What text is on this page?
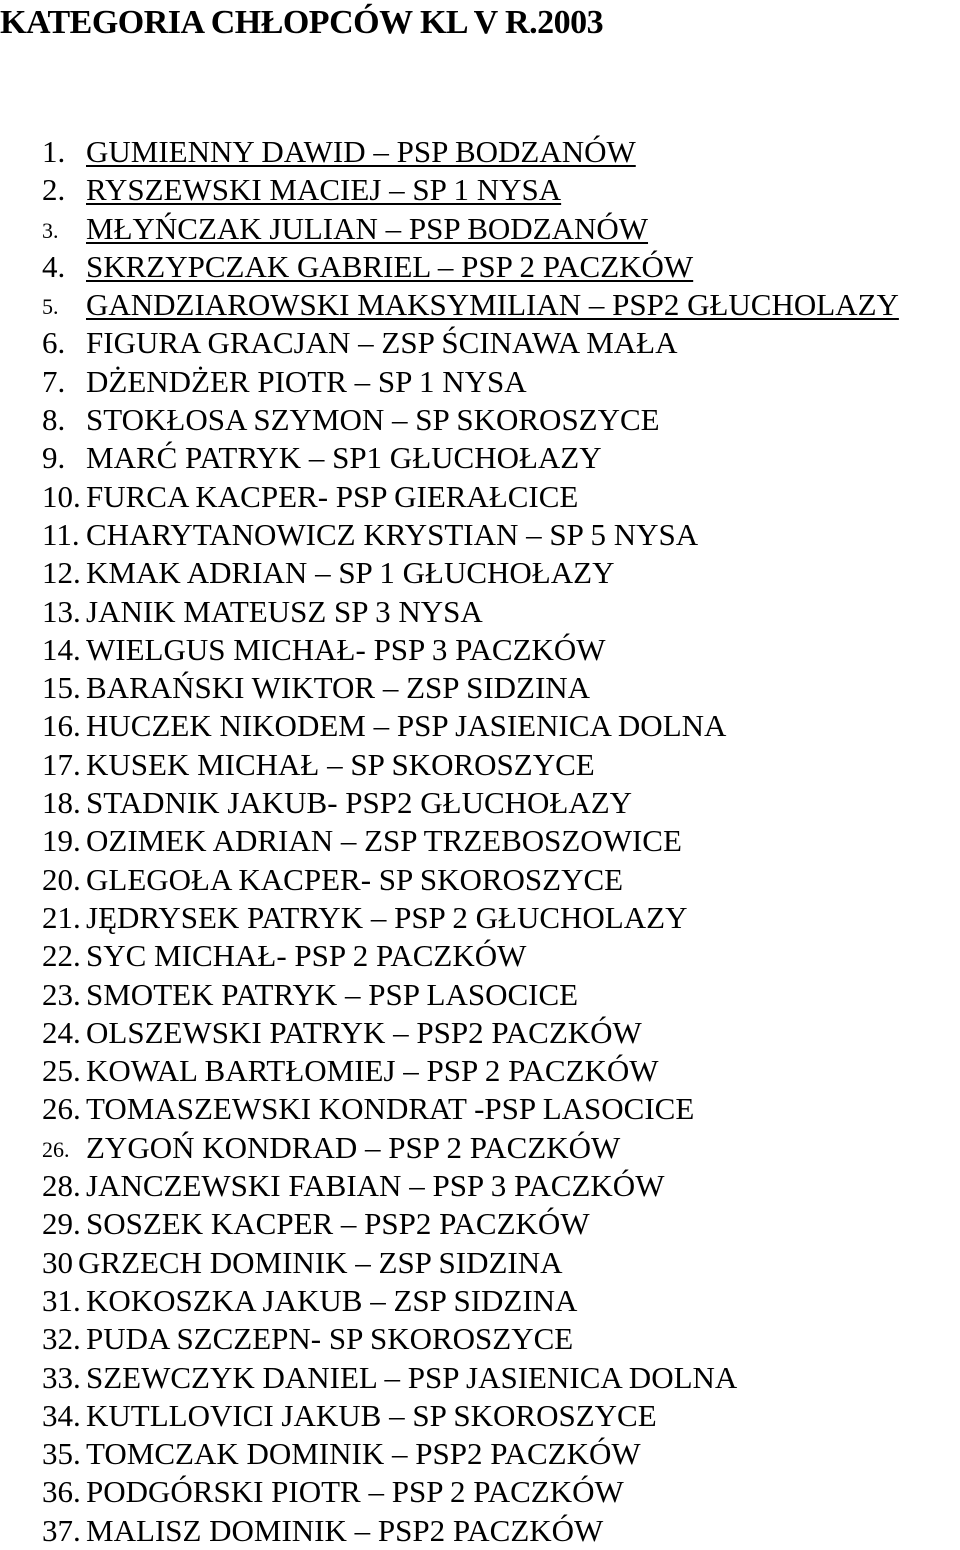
KATEGORIA CHŁOPCÓW KL V R.2003
1. GUMIENNY DAWID – PSP BODZANÓW
2. RYSZEWSKI MACIEJ – SP 1 NYSA
3. MŁYŃCZAK JULIAN – PSP BODZANÓW
4. SKRZYPCZAK GABRIEL – PSP 2 PACZKÓW
5. GANDZIAROWSKI MAKSYMILIAN – PSP2 GŁUCHOLAZY
6. FIGURA GRACJAN – ZSP ŚCINAWA MAŁA
7. DŻENDŻER PIOTR – SP 1 NYSA
8. STOKŁOSA SZYMON – SP SKOROSZYCE
9. MARĆ PATRYK – SP1 GŁUCHOŁAZY
10. FURCA KACPER- PSP GIERAŁCICE
11. CHARYTANOWICZ KRYSTIAN – SP 5 NYSA
12. KMAK ADRIAN – SP 1 GŁUCHOŁAZY
13. JANIK MATEUSZ SP 3 NYSA
14. WIELGUS MICHAŁ- PSP 3 PACZKÓW
15. BARAŃSKI WIKTOR – ZSP SIDZINA
16. HUCZEK NIKODEM – PSP JASIENICA DOLNA
17. KUSEK MICHAŁ – SP SKOROSZYCE
18. STADNIK JAKUB- PSP2 GŁUCHOŁAZY
19. OZIMEK ADRIAN – ZSP TRZEBOSZOWICE
20. GLEGOŁA KACPER- SP SKOROSZYCE
21. JĘDRYSEK PATRYK – PSP 2 GŁUCHOLAZY
22. SYC MICHAŁ- PSP 2 PACZKÓW
23. SMOTEK PATRYK – PSP LASOCICE
24. OLSZEWSKI PATRYK – PSP2 PACZKÓW
25. KOWAL BARTŁOMIEJ – PSP 2 PACZKÓW
26. TOMASZEWSKI KONDRAT -PSP LASOCICE
26. ZYGOŃ KONDRAD – PSP 2 PACZKÓW
28. JANCZEWSKI FABIAN – PSP 3 PACZKÓW
29. SOSZEK KACPER – PSP2 PACZKÓW
30 GRZECH DOMINIK – ZSP SIDZINA
31. KOKOSZKA JAKUB – ZSP SIDZINA
32. PUDA SZCZEPN- SP SKOROSZYCE
33. SZEWCZYK DANIEL – PSP JASIENICA DOLNA
34. KUTLLOVICI JAKUB – SP SKOROSZYCE
35. TOMCZAK DOMINIK – PSP2 PACZKÓW
36. PODGÓRSKI PIOTR – PSP 2 PACZKÓW
37. MALISZ DOMINIK – PSP2 PACZKÓW
